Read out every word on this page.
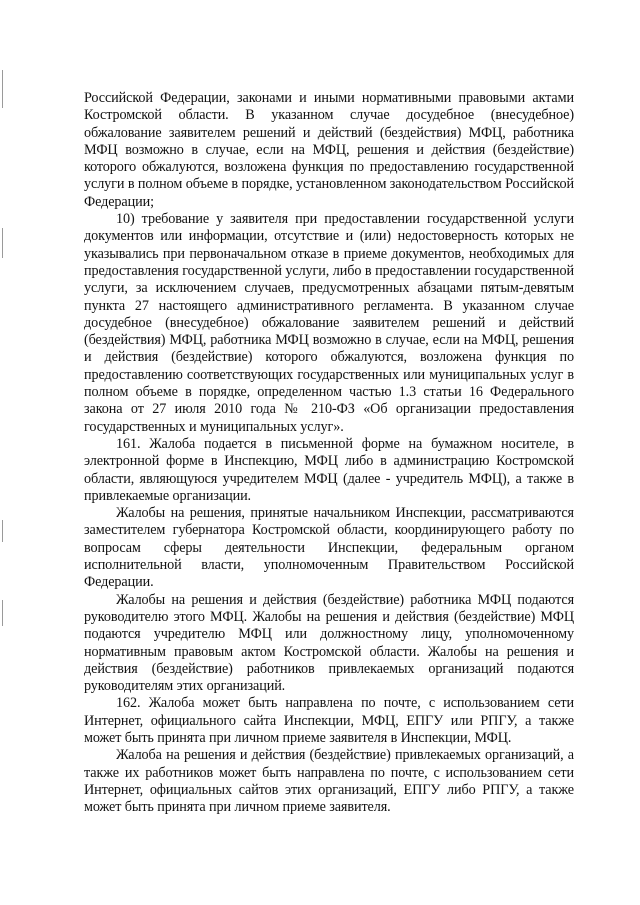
Российской Федерации, законами и иными нормативными правовыми актами Костромской области. В указанном случае досудебное (внесудебное) обжалование заявителем решений и действий (бездействия) МФЦ, работника МФЦ возможно в случае, если на МФЦ, решения и действия (бездействие) которого обжалуются, возложена функция по предоставлению государственной услуги в полном объеме в порядке, установленном законодательством Российской Федерации;

10) требование у заявителя при предоставлении государственной услуги документов или информации, отсутствие и (или) недостоверность которых не указывались при первоначальном отказе в приеме документов, необходимых для предоставления государственной услуги, либо в предоставлении государственной услуги, за исключением случаев, предусмотренных абзацами пятым-девятым пункта 27 настоящего административного регламента. В указанном случае досудебное (внесудебное) обжалование заявителем решений и действий (бездействия) МФЦ, работника МФЦ возможно в случае, если на МФЦ, решения и действия (бездействие) которого обжалуются, возложена функция по предоставлению соответствующих государственных или муниципальных услуг в полном объеме в порядке, определенном частью 1.3 статьи 16 Федерального закона от 27 июля 2010 года № 210-ФЗ «Об организации предоставления государственных и муниципальных услуг».

161. Жалоба подается в письменной форме на бумажном носителе, в электронной форме в Инспекцию, МФЦ либо в администрацию Костромской области, являющуюся учредителем МФЦ (далее - учредитель МФЦ), а также в привлекаемые организации.

Жалобы на решения, принятые начальником Инспекции, рассматриваются заместителем губернатора Костромской области, координирующего работу по вопросам сферы деятельности Инспекции, федеральным органом исполнительной власти, уполномоченным Правительством Российской Федерации.

Жалобы на решения и действия (бездействие) работника МФЦ подаются руководителю этого МФЦ. Жалобы на решения и действия (бездействие) МФЦ подаются учредителю МФЦ или должностному лицу, уполномоченному нормативным правовым актом Костромской области. Жалобы на решения и действия (бездействие) работников привлекаемых организаций подаются руководителям этих организаций.

162. Жалоба может быть направлена по почте, с использованием сети Интернет, официального сайта Инспекции, МФЦ, ЕПГУ или РПГУ, а также может быть принята при личном приеме заявителя в Инспекции, МФЦ.

Жалоба на решения и действия (бездействие) привлекаемых организаций, а также их работников может быть направлена по почте, с использованием сети Интернет, официальных сайтов этих организаций, ЕПГУ либо РПГУ, а также может быть принята при личном приеме заявителя.
